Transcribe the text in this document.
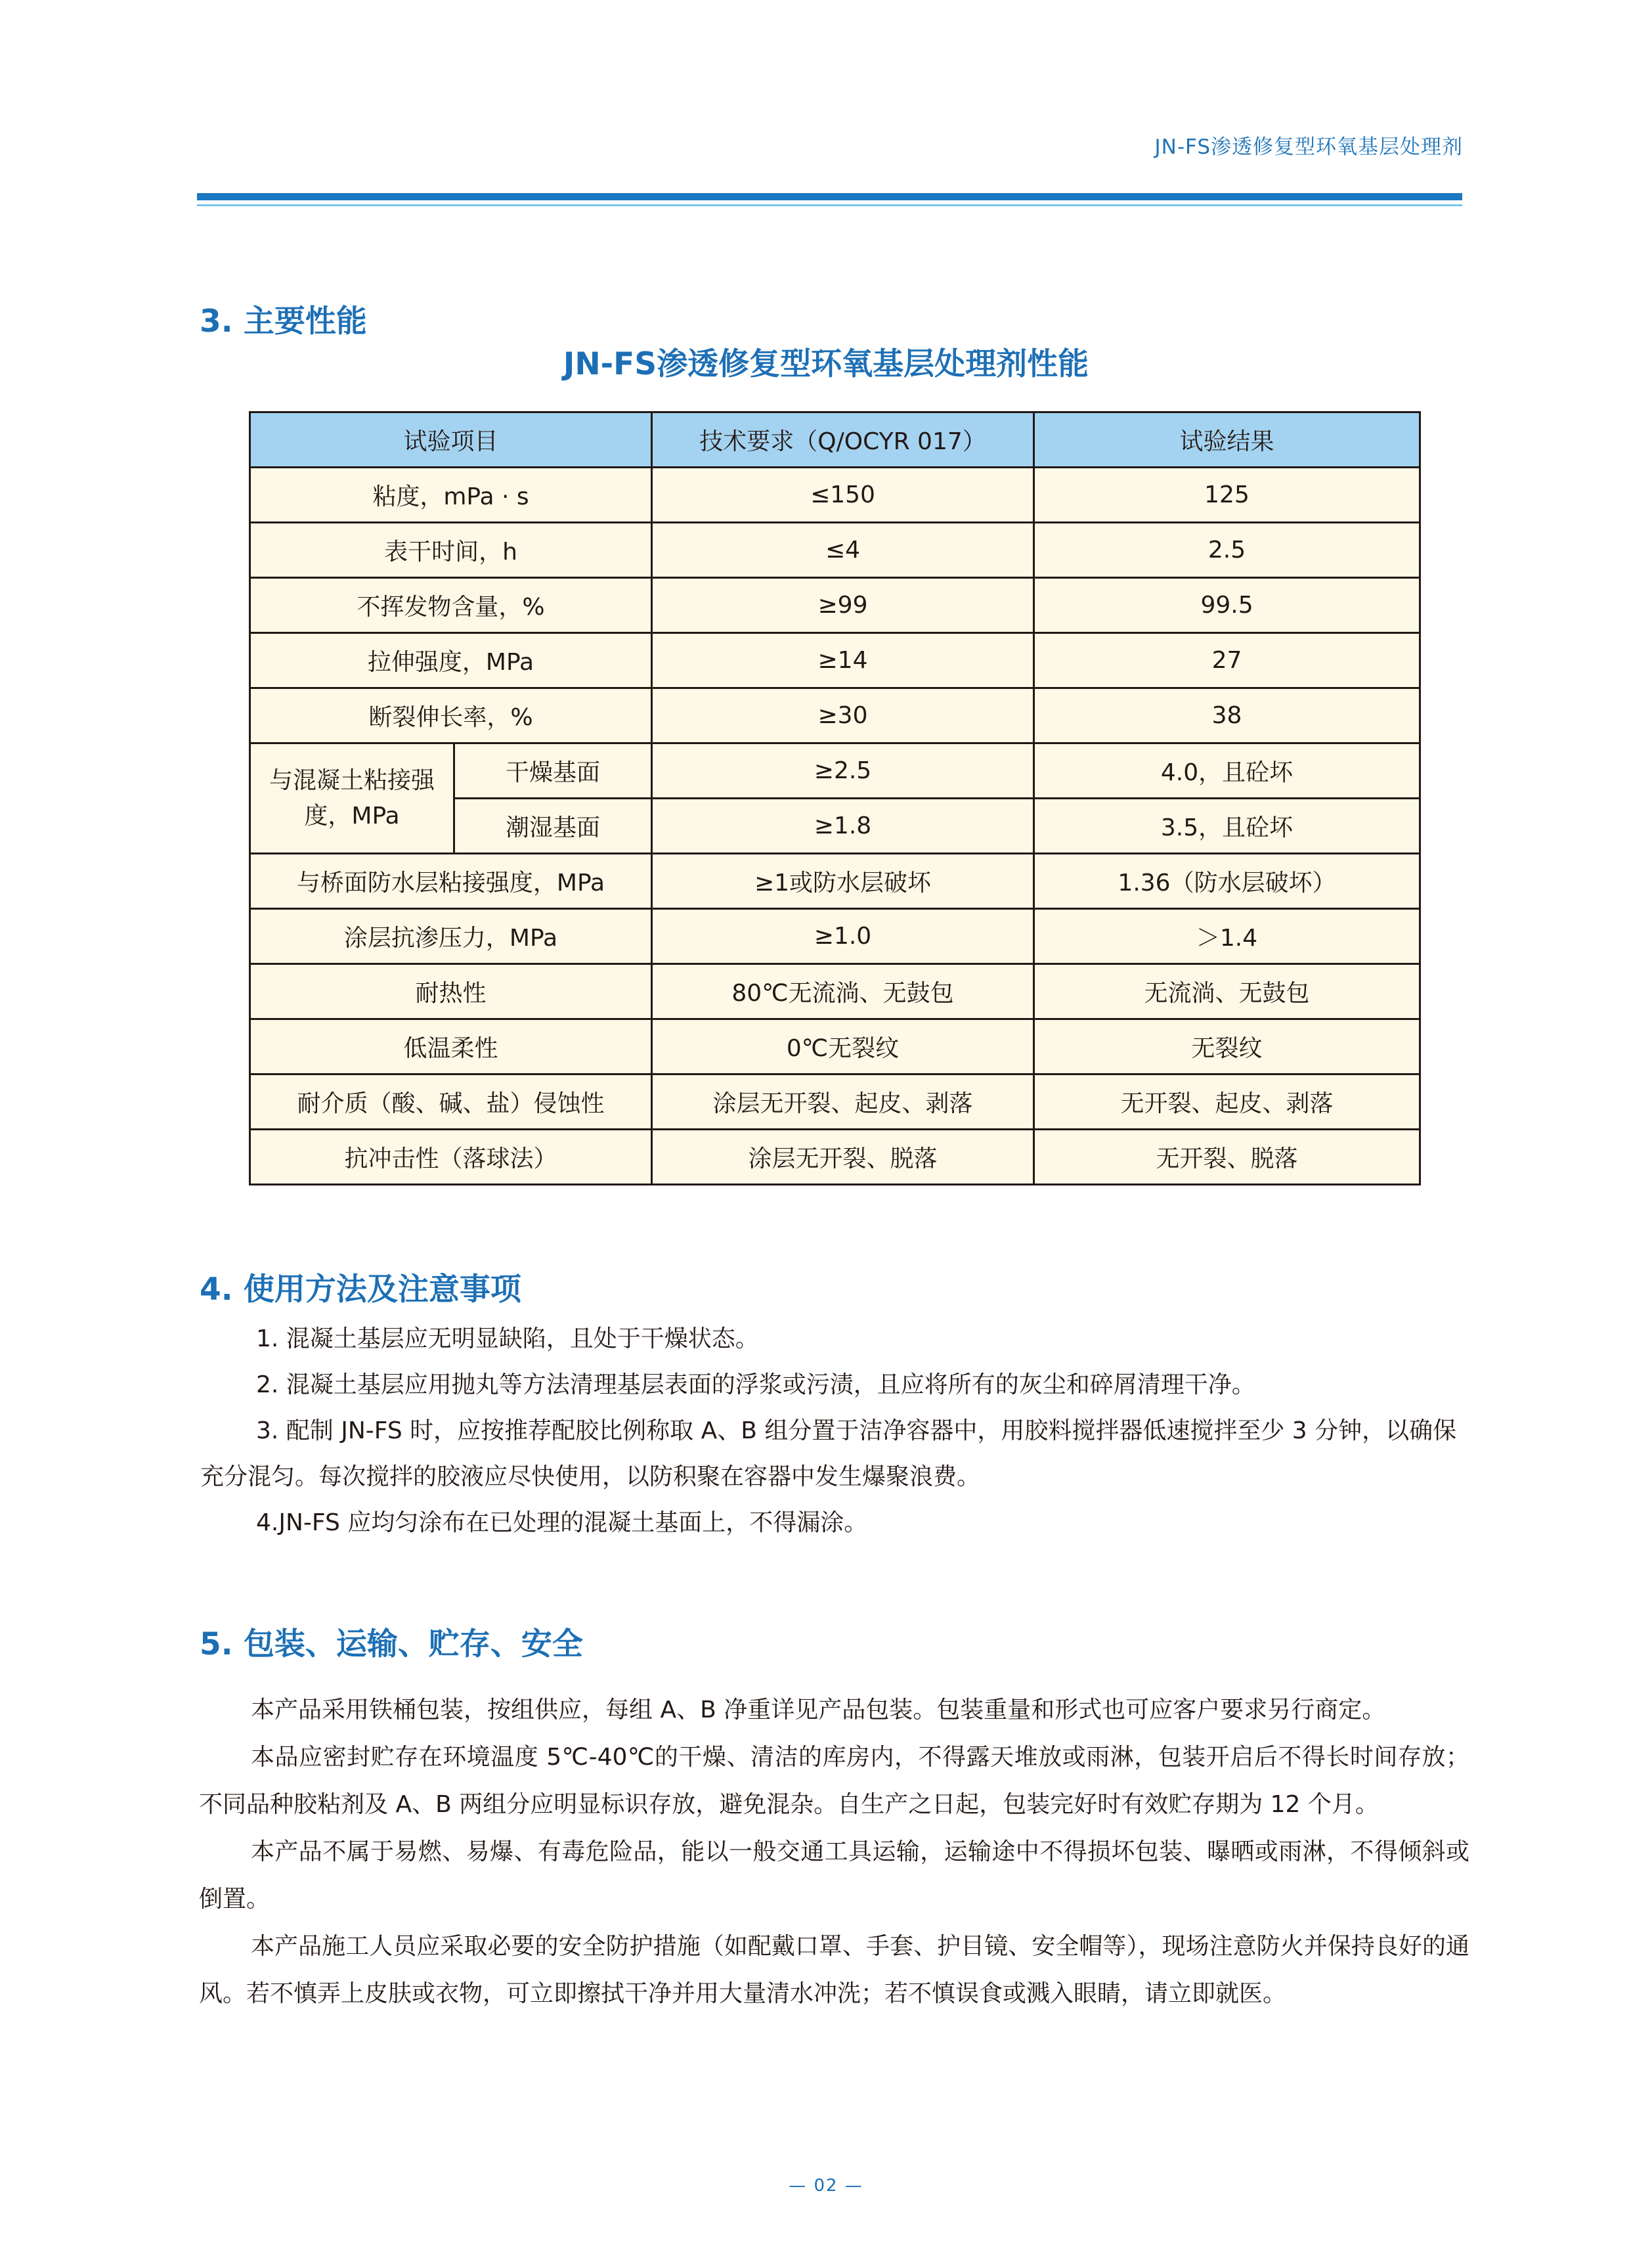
JN-FS渗透修复型环氧基层处理剂
3. 主要性能
JN-FS渗透修复型环氧基层处理剂性能
试验项目		技术要求（Q/OCYR 017）	试验结果
粘度，mPa · s		≤150	125
表干时间，h		≤4	2.5
不挥发物含量，%		≥99	99.5
拉伸强度，MPa		≥14	27
断裂伸长率，%		≥30	38
与混凝土粘接强度，MPa	干燥基面	≥2.5	4.0，且砼坏
	潮湿基面	≥1.8	3.5，且砼坏
与桥面防水层粘接强度，MPa		≥1或防水层破坏	1.36（防水层破坏）
涂层抗渗压力，MPa		≥1.0	＞1.4
耐热性		80℃无流淌、无鼓包	无流淌、无鼓包
低温柔性		0℃无裂纹	无裂纹
耐介质（酸、碱、盐）侵蚀性		涂层无开裂、起皮、剥落	无开裂、起皮、剥落
抗冲击性（落球法）		涂层无开裂、脱落	无开裂、脱落
4. 使用方法及注意事项

1. 混凝土基层应无明显缺陷，且处于干燥状态。

2. 混凝土基层应用抛丸等方法清理基层表面的浮浆或污渍，且应将所有的灰尘和碎屑清理干净。

3. 配制 JN-FS 时，应按推荐配胶比例称取 A、B 组分置于洁净容器中，用胶料搅拌器低速搅拌至少 3 分钟，以确保充分混匀。每次搅拌的胶液应尽快使用，以防积聚在容器中发生爆聚浪费。

4.JN-FS 应均匀涂布在已处理的混凝土基面上，不得漏涂。

5. 包装、运输、贮存、安全

本产品采用铁桶包装，按组供应，每组 A、B 净重详见产品包装。包装重量和形式也可应客户要求另行商定。

本品应密封贮存在环境温度 5℃-40℃的干燥、清洁的库房内，不得露天堆放或雨淋，包装开启后不得长时间存放；不同品种胶粘剂及 A、B 两组分应明显标识存放，避免混杂。自生产之日起，包装完好时有效贮存期为 12 个月。

本产品不属于易燃、易爆、有毒危险品，能以一般交通工具运输，运输途中不得损坏包装、曝晒或雨淋，不得倾斜或倒置。

本产品施工人员应采取必要的安全防护措施（如配戴口罩、手套、护目镜、安全帽等），现场注意防火并保持良好的通风。若不慎弄上皮肤或衣物，可立即擦拭干净并用大量清水冲洗；若不慎误食或溅入眼睛，请立即就医。

— 02 —
